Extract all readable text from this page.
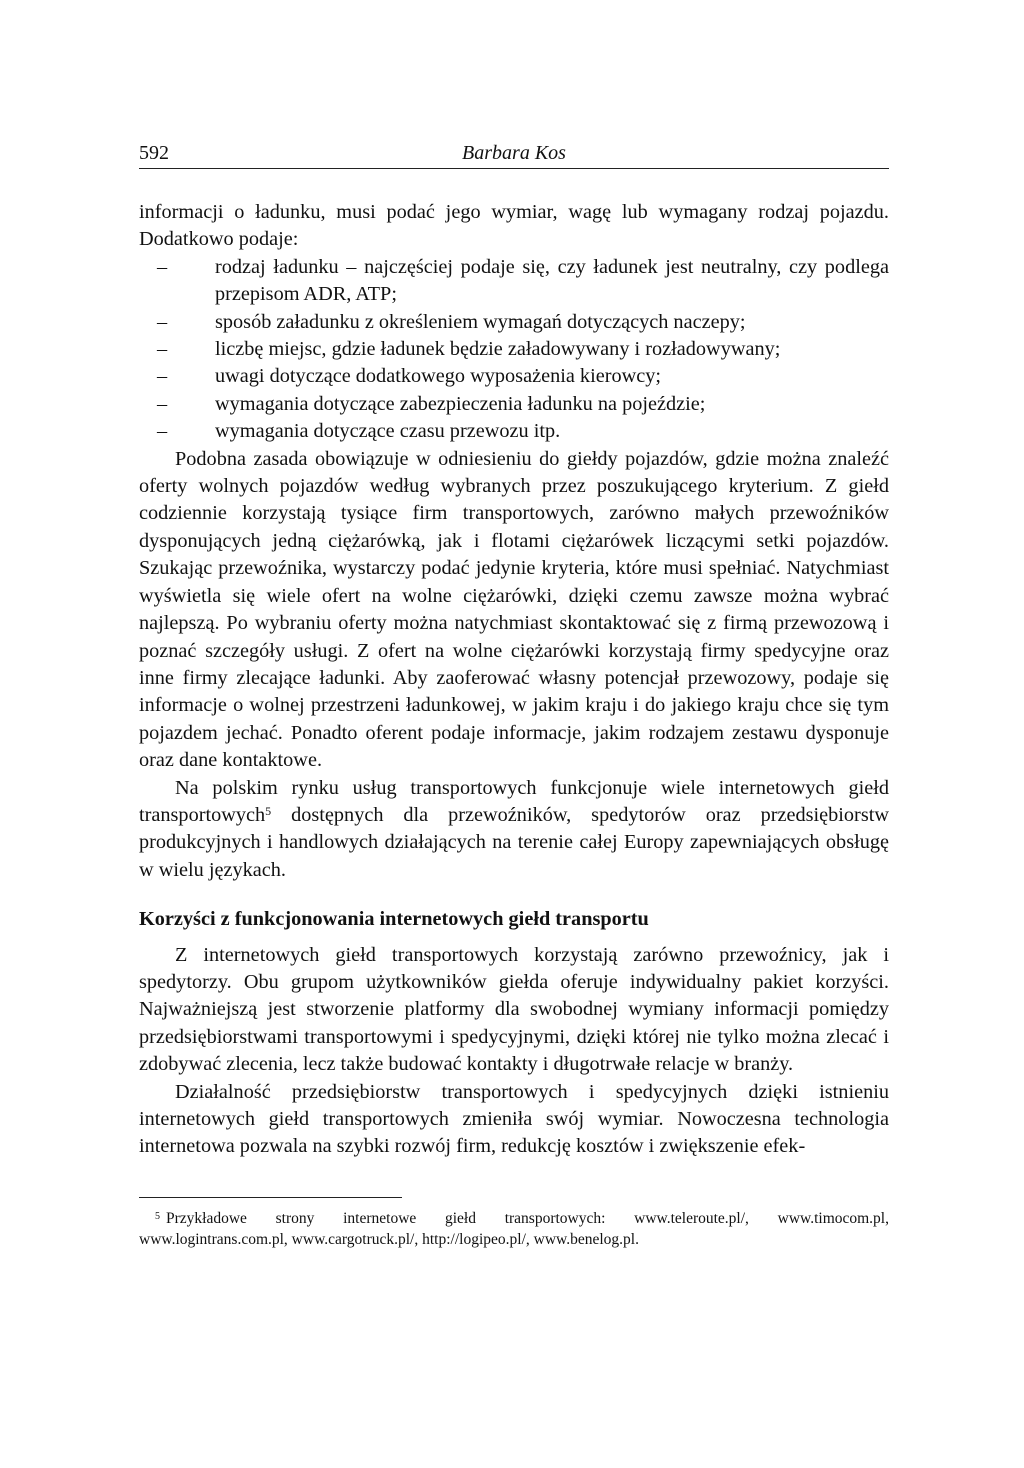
592	Barbara Kos

informacji o ładunku, musi podać jego wymiar, wagę lub wymagany rodzaj pojazdu. Dodatkowo podaje:

– rodzaj ładunku – najczęściej podaje się, czy ładunek jest neutralny, czy podlega przepisom ADR, ATP;
– sposób załadunku z określeniem wymagań dotyczących naczepy;
– liczbę miejsc, gdzie ładunek będzie załadowywany i rozładowywany;
– uwagi dotyczące dodatkowego wyposażenia kierowcy;
– wymagania dotyczące zabezpieczenia ładunku na pojeździe;
– wymagania dotyczące czasu przewozu itp.

Podobna zasada obowiązuje w odniesieniu do giełdy pojazdów, gdzie można znaleźć oferty wolnych pojazdów według wybranych przez poszukującego kryterium. Z giełd codziennie korzystają tysiące firm transportowych, zarówno małych przewoźników dysponujących jedną ciężarówką, jak i flotami ciężarówek liczącymi setki pojazdów. Szukając przewoźnika, wystarczy podać jedynie kryteria, które musi spełniać. Natychmiast wyświetla się wiele ofert na wolne ciężarówki, dzięki czemu zawsze można wybrać najlepszą. Po wybraniu oferty można natychmiast skontaktować się z firmą przewozową i poznać szczegóły usługi. Z ofert na wolne ciężarówki korzystają firmy spedycyjne oraz inne firmy zlecające ładunki. Aby zaoferować własny potencjał przewozowy, podaje się informacje o wolnej przestrzeni ładunkowej, w jakim kraju i do jakiego kraju chce się tym pojazdem jechać. Ponadto oferent podaje informacje, jakim rodzajem zestawu dysponuje oraz dane kontaktowe.

Na polskim rynku usług transportowych funkcjonuje wiele internetowych giełd transportowych$^5$ dostępnych dla przewoźników, spedytorów oraz przedsiębiorstw produkcyjnych i handlowych działających na terenie całej Europy zapewniających obsługę w wielu językach.

Korzyści z funkcjonowania internetowych giełd transportu

Z internetowych giełd transportowych korzystają zarówno przewoźnicy, jak i spedytorzy. Obu grupom użytkowników giełda oferuje indywidualny pakiet korzyści. Najważniejszą jest stworzenie platformy dla swobodnej wymiany informacji pomiędzy przedsiębiorstwami transportowymi i spedycyjnymi, dzięki której nie tylko można zlecać i zdobywać zlecenia, lecz także budować kontakty i długotrwałe relacje w branży.

Działalność przedsiębiorstw transportowych i spedycyjnych dzięki istnieniu internetowych giełd transportowych zmieniła swój wymiar. Nowoczesna technologia internetowa pozwala na szybki rozwój firm, redukcję kosztów i zwiększenie efek-

$^5$ Przykładowe strony internetowe giełd transportowych: www.teleroute.pl/, www.timocom.pl, www.logintrans.com.pl, www.cargotruck.pl/, http://logipeo.pl/, www.benelog.pl.
